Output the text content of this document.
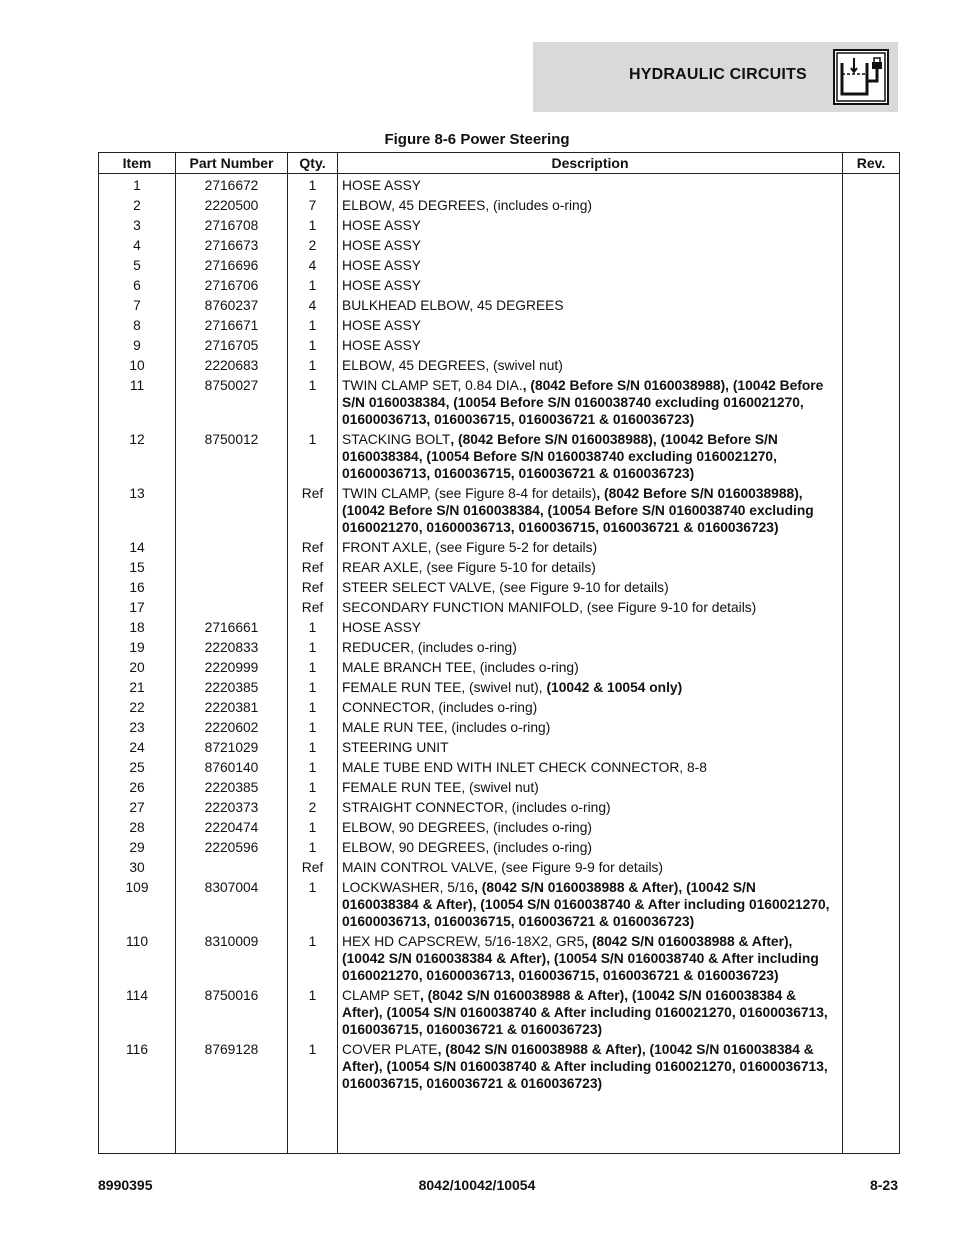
HYDRAULIC CIRCUITS
Figure 8-6 Power Steering
Item	Part Number	Qty.	Description	Rev.
1	2716672	1	HOSE ASSY	
2	2220500	7	ELBOW, 45 DEGREES, (includes o-ring)	
3	2716708	1	HOSE ASSY	
4	2716673	2	HOSE ASSY	
5	2716696	4	HOSE ASSY	
6	2716706	1	HOSE ASSY	
7	8760237	4	BULKHEAD ELBOW, 45 DEGREES	
8	2716671	1	HOSE ASSY	
9	2716705	1	HOSE ASSY	
10	2220683	1	ELBOW, 45 DEGREES, (swivel nut)	
11	8750027	1	TWIN CLAMP SET, 0.84 DIA., (8042 Before S/N 0160038988), (10042 Before S/N 0160038384, (10054 Before S/N 0160038740 excluding 0160021270, 01600036713, 0160036715, 0160036721 & 0160036723)	
12	8750012	1	STACKING BOLT, (8042 Before S/N 0160038988), (10042 Before S/N 0160038384, (10054 Before S/N 0160038740 excluding 0160021270, 01600036713, 0160036715, 0160036721 & 0160036723)	
13		Ref	TWIN CLAMP, (see Figure 8-4 for details), (8042 Before S/N 0160038988), (10042 Before S/N 0160038384, (10054 Before S/N 0160038740 excluding 0160021270, 01600036713, 0160036715, 0160036721 & 0160036723)	
14		Ref	FRONT AXLE, (see Figure 5-2 for details)	
15		Ref	REAR AXLE, (see Figure 5-10 for details)	
16		Ref	STEER SELECT VALVE, (see Figure 9-10 for details)	
17		Ref	SECONDARY FUNCTION MANIFOLD, (see Figure 9-10 for details)	
18	2716661	1	HOSE ASSY	
19	2220833	1	REDUCER, (includes o-ring)	
20	2220999	1	MALE BRANCH TEE, (includes o-ring)	
21	2220385	1	FEMALE RUN TEE, (swivel nut), (10042 & 10054 only)	
22	2220381	1	CONNECTOR, (includes o-ring)	
23	2220602	1	MALE RUN TEE, (includes o-ring)	
24	8721029	1	STEERING UNIT	
25	8760140	1	MALE TUBE END WITH INLET CHECK CONNECTOR, 8-8	
26	2220385	1	FEMALE RUN TEE, (swivel nut)	
27	2220373	2	STRAIGHT CONNECTOR, (includes o-ring)	
28	2220474	1	ELBOW, 90 DEGREES, (includes o-ring)	
29	2220596	1	ELBOW, 90 DEGREES, (includes o-ring)	
30		Ref	MAIN CONTROL VALVE, (see Figure 9-9 for details)	
109	8307004	1	LOCKWASHER, 5/16, (8042 S/N 0160038988 & After), (10042 S/N 0160038384 & After), (10054 S/N 0160038740 & After including 0160021270, 01600036713, 0160036715, 0160036721 & 0160036723)	
110	8310009	1	HEX HD CAPSCREW, 5/16-18X2, GR5, (8042 S/N 0160038988 & After), (10042 S/N 0160038384 & After), (10054 S/N 0160038740 & After including 0160021270, 01600036713, 0160036715, 0160036721 & 0160036723)	
114	8750016	1	CLAMP SET, (8042 S/N 0160038988 & After), (10042 S/N 0160038384 & After), (10054 S/N 0160038740 & After including 0160021270, 01600036713, 0160036715, 0160036721 & 0160036723)	
116	8769128	1	COVER PLATE, (8042 S/N 0160038988 & After), (10042 S/N 0160038384 & After), (10054 S/N 0160038740 & After including 0160021270, 01600036713, 0160036715, 0160036721 & 0160036723)	

8990395	8042/10042/10054	8-23
